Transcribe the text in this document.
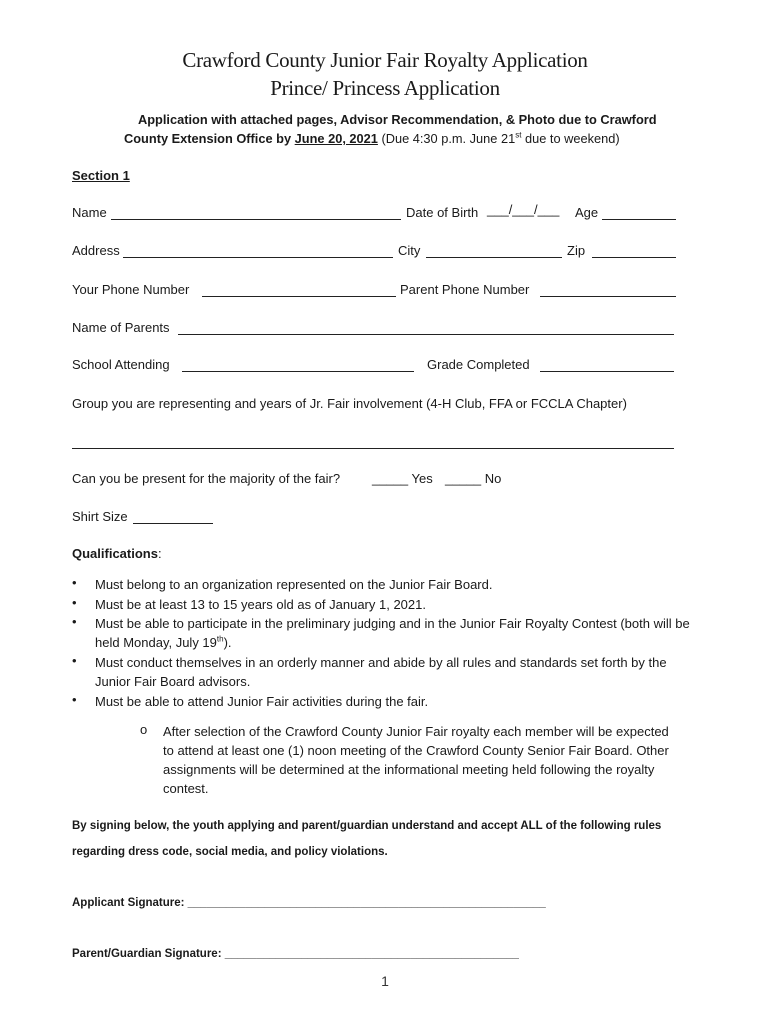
Crawford County Junior Fair Royalty Application
Prince/ Princess Application
Application with attached pages, Advisor Recommendation, & Photo due to Crawford
County Extension Office by June 20, 2021 (Due 4:30 p.m. June 21st due to weekend)
Section 1
Name	Date of Birth ___/___/___ Age
Address	City	Zip
Your Phone Number	Parent Phone Number
Name of Parents
School Attending	Grade Completed
Group you are representing and years of Jr. Fair involvement (4-H Club, FFA or FCCLA Chapter)
Can you be present for the majority of the fair? _____ Yes _____ No
Shirt Size
Qualifications:
•	Must belong to an organization represented on the Junior Fair Board.
•	Must be at least 13 to 15 years old as of January 1, 2021.
•	Must be able to participate in the preliminary judging and in the Junior Fair Royalty Contest (both will be held Monday, July 19th).
•	Must conduct themselves in an orderly manner and abide by all rules and standards set forth by the Junior Fair Board advisors.
•	Must be able to attend Junior Fair activities during the fair.
o After selection of the Crawford County Junior Fair royalty each member will be expected to attend at least one (1) noon meeting of the Crawford County Senior Fair Board. Other assignments will be determined at the informational meeting held following the royalty contest.
By signing below, the youth applying and parent/guardian understand and accept ALL of the following rules
regarding dress code, social media, and policy violations.
Applicant Signature: ________________________________________________________
Parent/Guardian Signature: ______________________________________________
1
